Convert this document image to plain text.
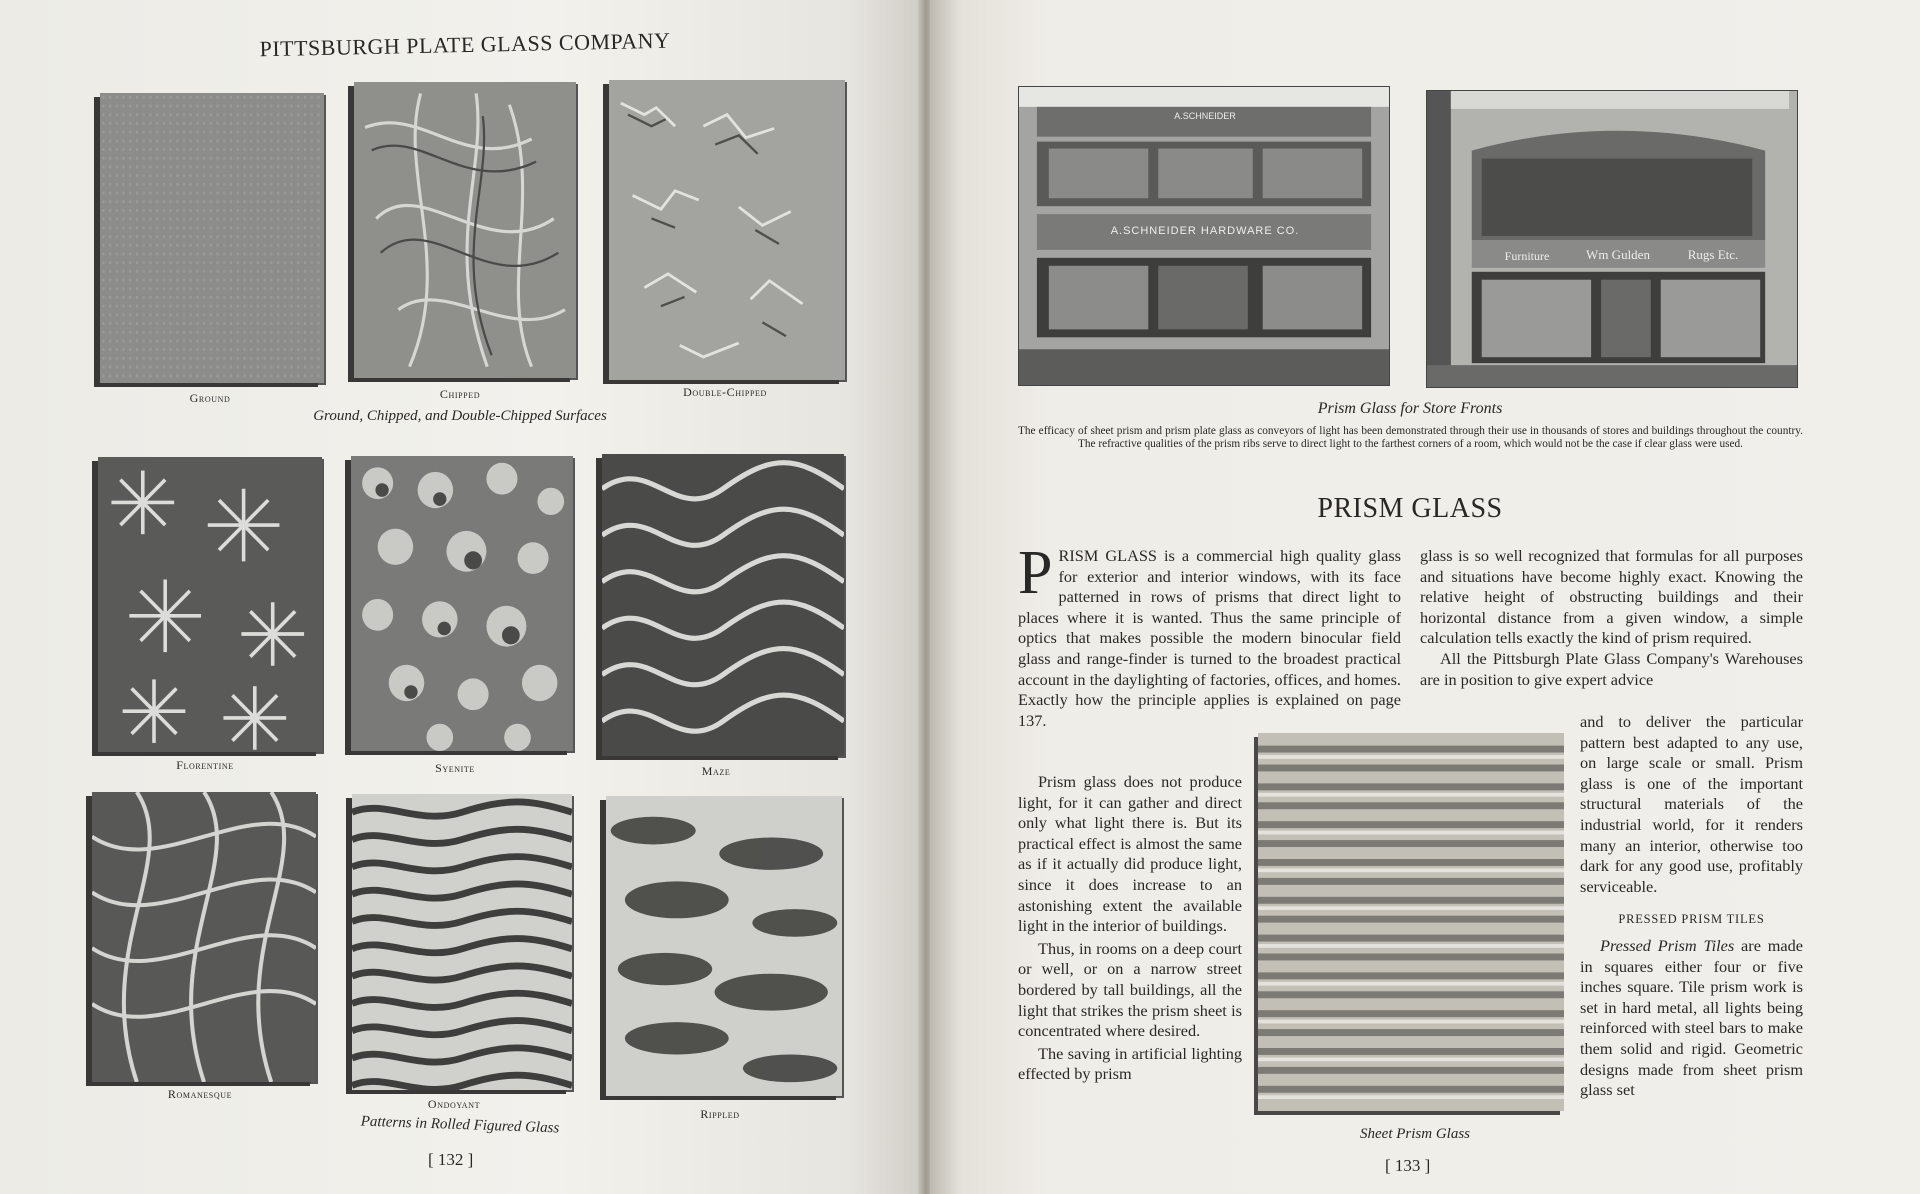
PITTSBURGH PLATE GLASS COMPANY
Ground	Chipped	Double-Chipped
Ground, Chipped, and Double-Chipped Surfaces
Florentine	Syenite	Maze
Romanesque
Ondoyant
Rippled
Patterns in Rolled Figured Glass
[ 132 ]
A.SCHNEIDER
A.SCHNEIDER HARDWARE CO.
Furniture	Wm Gulden	Rugs Etc.
Prism Glass for Store Fronts
The efficacy of sheet prism and prism plate glass as conveyors of light has been demonstrated through their use in thousands of stores and buildings throughout the country. The refractive qualities of the prism ribs serve to direct light to the farthest corners of a room, which would not be the case if clear glass were used.
PRISM GLASS

PRISM GLASS is a commercial high quality glass for exterior and interior windows, with its face patterned in rows of prisms that direct light to places where it is wanted. Thus the same principle of optics that makes possible the modern binocular field glass and range-finder is turned to the broadest practical account in the daylighting of factories, offices, and homes. Exactly how the principle applies is explained on page 137.

Prism glass does not produce light, for it can gather and direct only what light there is. But its practical effect is almost the same as if it actually did produce light, since it does increase to an astonishing extent the available light in the interior of buildings.

Thus, in rooms on a deep court or well, or on a narrow street bordered by tall buildings, all the light that strikes the prism sheet is concentrated where desired.

The saving in artificial lighting effected by prism

glass is so well recognized that formulas for all purposes and situations have become highly exact. Knowing the relative height of obstructing buildings and their horizontal distance from a given window, a simple calculation tells exactly the kind of prism required.

All the Pittsburgh Plate Glass Company's Warehouses are in position to give expert advice

and to deliver the particular pattern best adapted to any use, on large scale or small. Prism glass is one of the important structural materials of the industrial world, for it renders many an interior, otherwise too dark for any good use, profitably serviceable.

PRESSED PRISM TILES

Pressed Prism Tiles are made in squares either four or five inches square. Tile prism work is set in hard metal, all lights being reinforced with steel bars to make them solid and rigid. Geometric designs made from sheet prism glass set

Sheet Prism Glass
[ 133 ]
